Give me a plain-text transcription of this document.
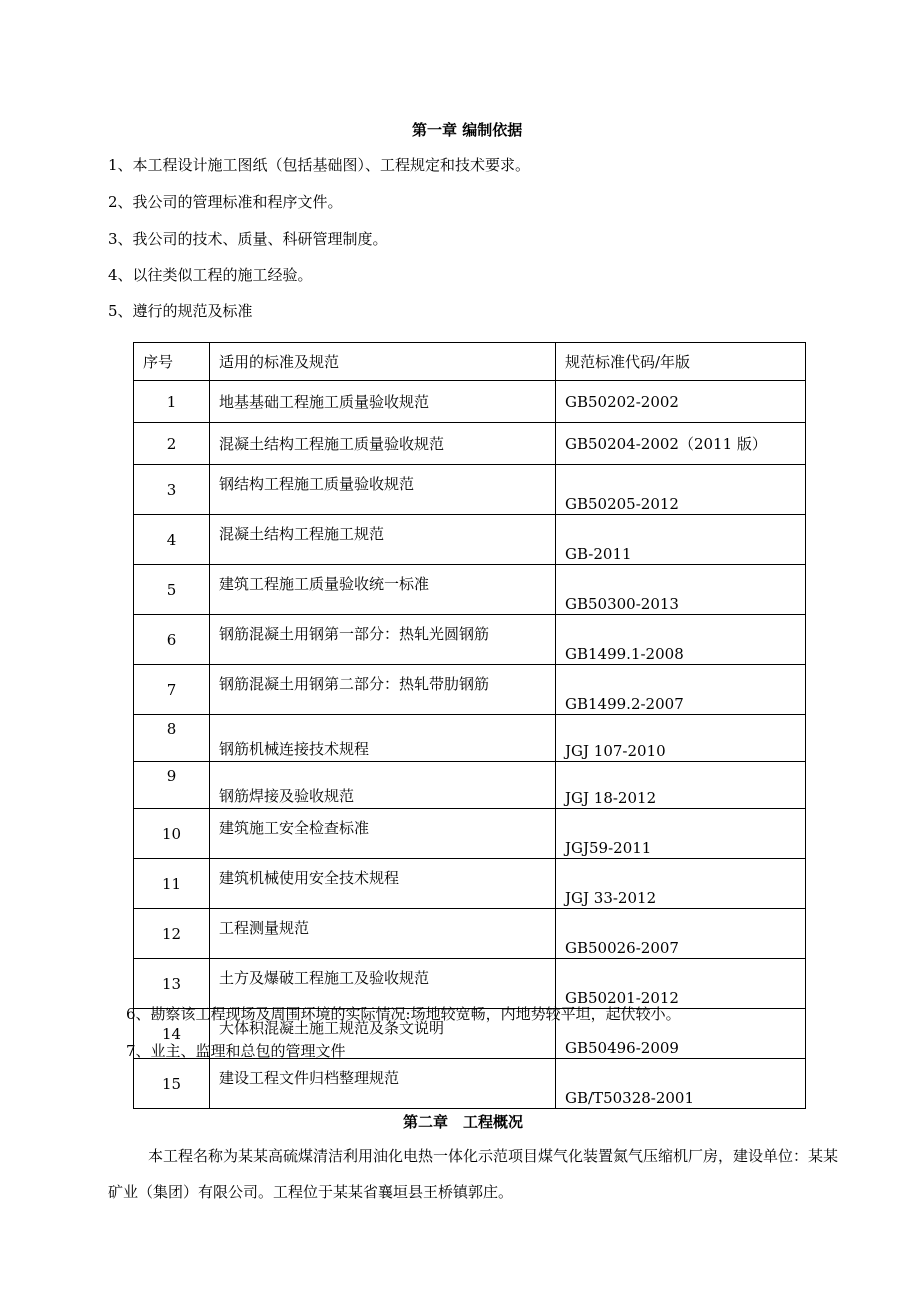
第一章 编制依据
1、本工程设计施工图纸（包括基础图）、工程规定和技术要求。
2、我公司的管理标准和程序文件。
3、我公司的技术、质量、科研管理制度。
4、以往类似工程的施工经验。
5、遵行的规范及标准
序号	适用的标准及规范	规范标准代码/年版
1	地基基础工程施工质量验收规范	GB50202-2002
2	混凝土结构工程施工质量验收规范	GB50204-2002（2011 版）
3	钢结构工程施工质量验收规范	GB50205-2012
4	混凝土结构工程施工规范	GB-2011
5	建筑工程施工质量验收统一标准	GB50300-2013
6	钢筋混凝土用钢第一部分：热轧光圆钢筋	GB1499.1-2008
7	钢筋混凝土用钢第二部分：热轧带肋钢筋	GB1499.2-2007
8	钢筋机械连接技术规程	JGJ 107-2010
9	钢筋焊接及验收规范	JGJ 18-2012
10	建筑施工安全检查标准	JGJ59-2011
11	建筑机械使用安全技术规程	JGJ 33-2012
12	工程测量规范	GB50026-2007
13	土方及爆破工程施工及验收规范	GB50201-2012
14	大体积混凝土施工规范及条文说明	GB50496-2009
15	建设工程文件归档整理规范	GB/T50328-2001
6、勘察该工程现场及周围环境的实际情况:场地较宽畅，内地势较平坦，起伏较小。
7、业主、监理和总包的管理文件
第二章　工程概况
本工程名称为某某高硫煤清洁利用油化电热一体化示范项目煤气化装置氮气压缩机厂房，建设单位：某某矿业（集团）有限公司。工程位于某某省襄垣县王桥镇郭庄。
